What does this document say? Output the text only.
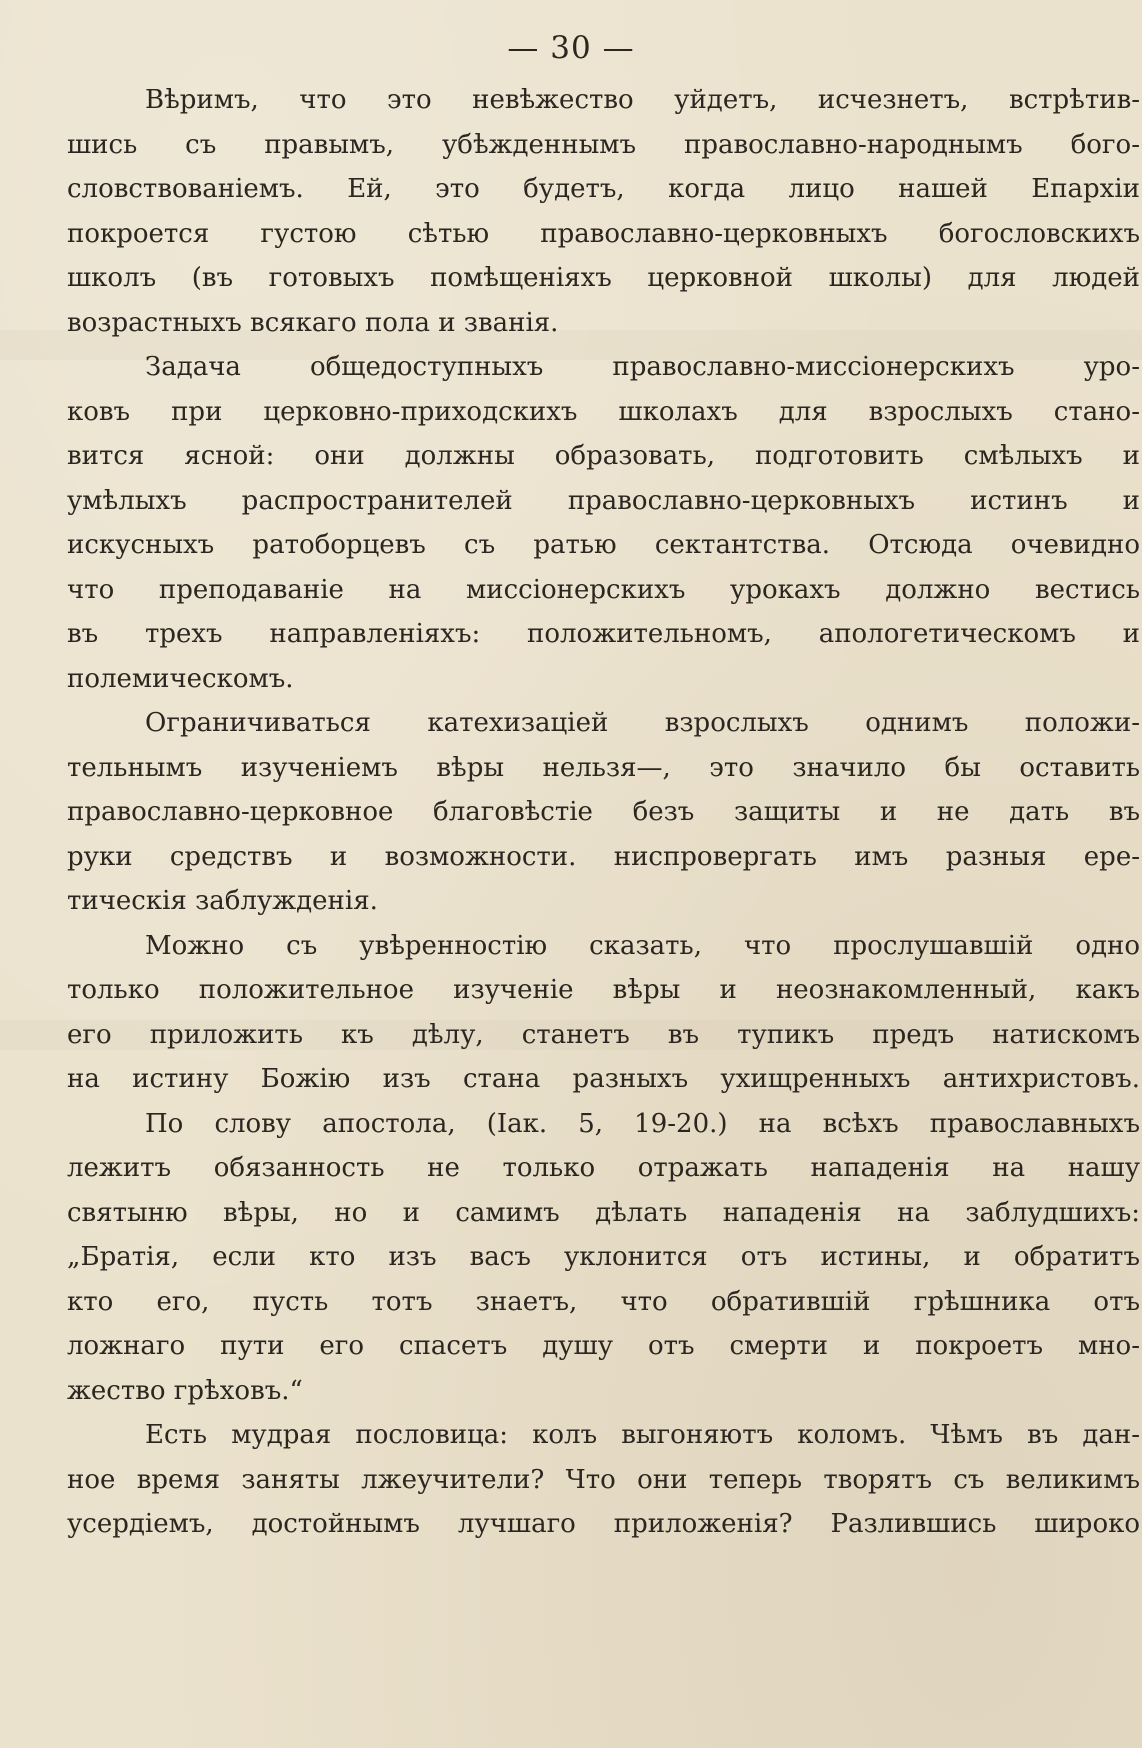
— 30 —
Вѣримъ, что это невѣжество уйдетъ, исчезнетъ, встрѣтив-
шись съ правымъ, убѣжденнымъ православно-народнымъ бого-
словствованіемъ. Ей, это будетъ, когда лицо нашей Епархіи
покроется густою сѣтью православно-церковныхъ богословскихъ
школъ (въ готовыхъ помѣщеніяхъ церковной школы) для людей
возрастныхъ всякаго пола и званія.
Задача общедоступныхъ православно-миссіонерскихъ уро-
ковъ при церковно-приходскихъ школахъ для взрослыхъ стано-
вится ясной: они должны образовать, подготовить смѣлыхъ и
умѣлыхъ распространителей православно-церковныхъ истинъ и
искусныхъ ратоборцевъ съ ратью сектантства. Отсюда очевидно
что преподаваніе на миссіонерскихъ урокахъ должно вестись
въ трехъ направленіяхъ: положительномъ, апологетическомъ и
полемическомъ.
Ограничиваться катехизаціей взрослыхъ однимъ положи-
тельнымъ изученіемъ вѣры нельзя—, это значило бы оставить
православно-церковное благовѣстіе безъ защиты и не дать въ
руки средствъ и возможности. ниспровергать имъ разныя ере-
тическія заблужденія.
Можно съ увѣренностію сказать, что прослушавшій одно
только положительное изученіе вѣры и неознакомленный, какъ
его приложить къ дѣлу, станетъ въ тупикъ предъ натискомъ
на истину Божію изъ стана разныхъ ухищренныхъ антихристовъ.
По слову апостола, (Іак. 5, 19-20.) на всѣхъ православныхъ
лежитъ обязанность не только отражать нападенія на нашу
святыню вѣры, но и самимъ дѣлать нападенія на заблудшихъ:
„Братія, если кто изъ васъ уклонится отъ истины, и обратитъ
кто его, пусть тотъ знаетъ, что обратившій грѣшника отъ
ложнаго пути его спасетъ душу отъ смерти и покроетъ мно-
жество грѣховъ.“
Есть мудрая пословица: колъ выгоняютъ коломъ. Чѣмъ въ дан-
ное время заняты лжеучители? Что они теперь творятъ съ великимъ
усердіемъ, достойнымъ лучшаго приложенія? Разлившись широко
